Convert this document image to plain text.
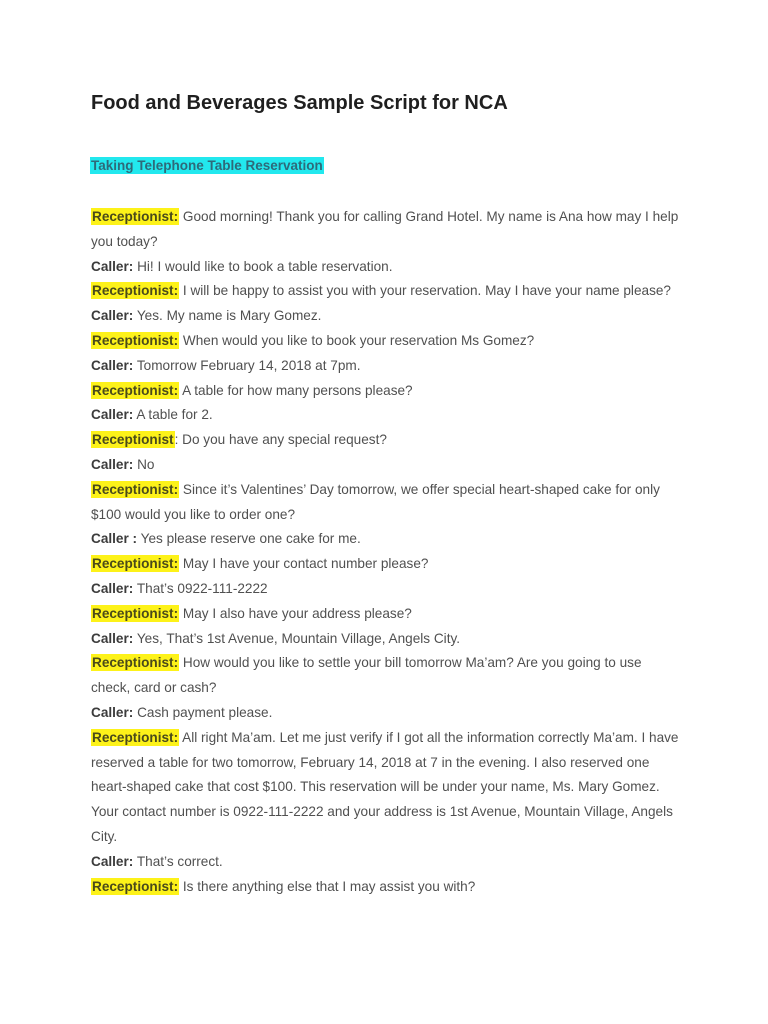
Food and Beverages Sample Script for NCA
Taking Telephone Table Reservation

Receptionist: Good morning! Thank you for calling Grand Hotel. My name is Ana how may I help you today?

Caller: Hi! I would like to book a table reservation.

Receptionist: I will be happy to assist you with your reservation. May I have your name please?

Caller: Yes. My name is Mary Gomez.

Receptionist: When would you like to book your reservation Ms Gomez?

Caller: Tomorrow February 14, 2018 at 7pm.

Receptionist: A table for how many persons please?

Caller: A table for 2.

Receptionist: Do you have any special request?

Caller: No

Receptionist: Since it’s Valentines’ Day tomorrow, we offer special heart-shaped cake for only $100 would you like to order one?

Caller : Yes please reserve one cake for me.

Receptionist: May I have your contact number please?

Caller: That’s 0922-111-2222

Receptionist: May I also have your address please?

Caller: Yes, That’s 1st Avenue, Mountain Village, Angels City.

Receptionist: How would you like to settle your bill tomorrow Ma’am? Are you going to use check, card or cash?

Caller: Cash payment please.

Receptionist: All right Ma’am. Let me just verify if I got all the information correctly Ma’am. I have reserved a table for two tomorrow, February 14, 2018 at 7 in the evening. I also reserved one heart-shaped cake that cost $100. This reservation will be under your name, Ms. Mary Gomez. Your contact number is 0922-111-2222 and your address is 1st Avenue, Mountain Village, Angels City.

Caller: That’s correct.

Receptionist: Is there anything else that I may assist you with?
